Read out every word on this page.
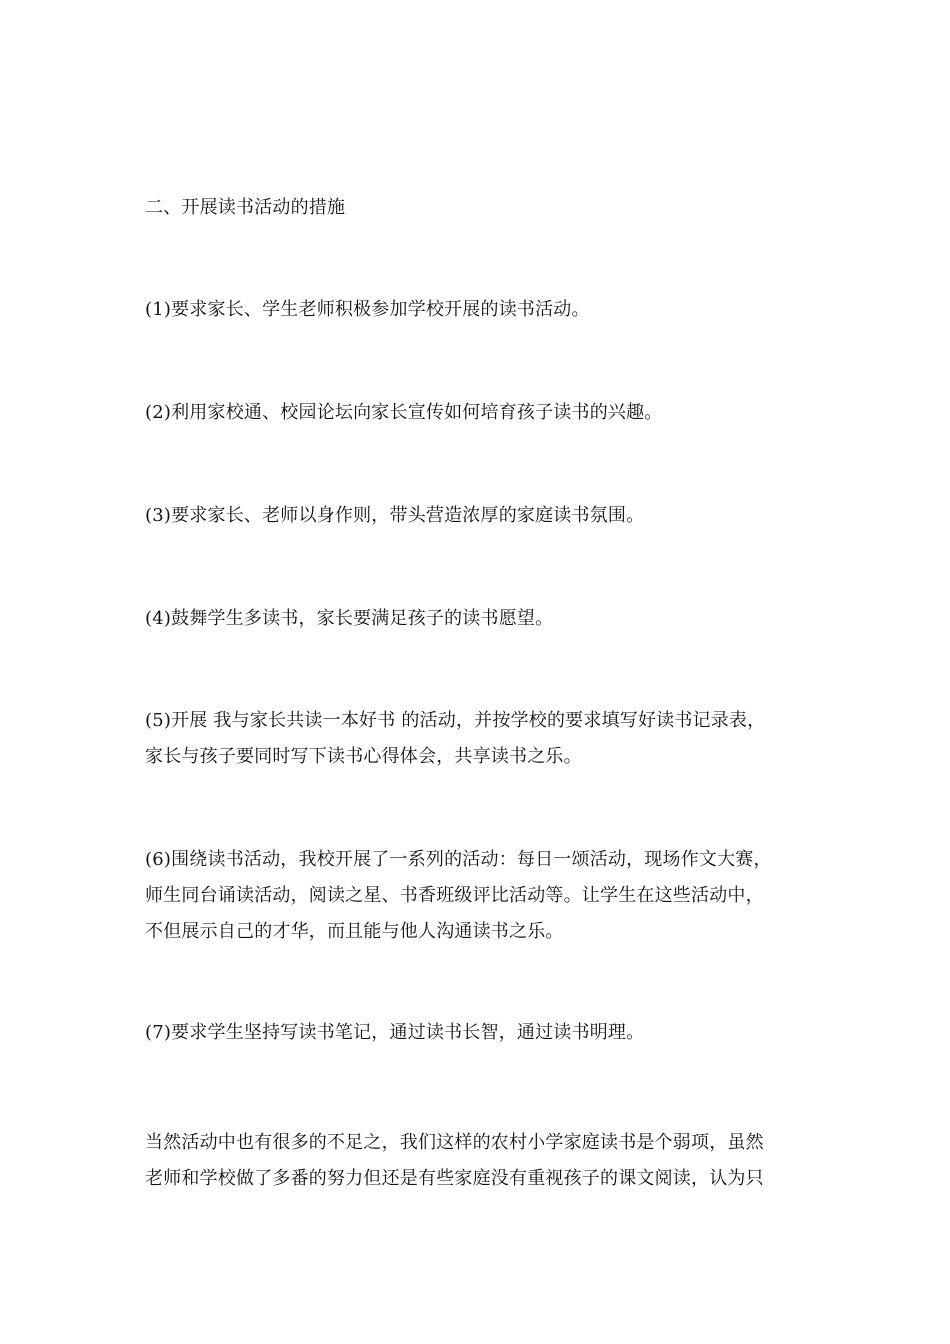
二、开展读书活动的措施
(1)要求家长、学生老师积极参加学校开展的读书活动。
(2)利用家校通、校园论坛向家长宣传如何培育孩子读书的兴趣。
(3)要求家长、老师以身作则，带头营造浓厚的家庭读书氛围。
(4)鼓舞学生多读书，家长要满足孩子的读书愿望。
(5)开展 我与家长共读一本好书 的活动，并按学校的要求填写好读书记录表，
家长与孩子要同时写下读书心得体会，共享读书之乐。
(6)围绕读书活动，我校开展了一系列的活动：每日一颂活动，现场作文大赛，
师生同台诵读活动，阅读之星、书香班级评比活动等。让学生在这些活动中，
不但展示自己的才华，而且能与他人沟通读书之乐。
(7)要求学生坚持写读书笔记，通过读书长智，通过读书明理。
当然活动中也有很多的不足之，我们这样的农村小学家庭读书是个弱项，虽然
老师和学校做了多番的努力但还是有些家庭没有重视孩子的课文阅读，认为只
